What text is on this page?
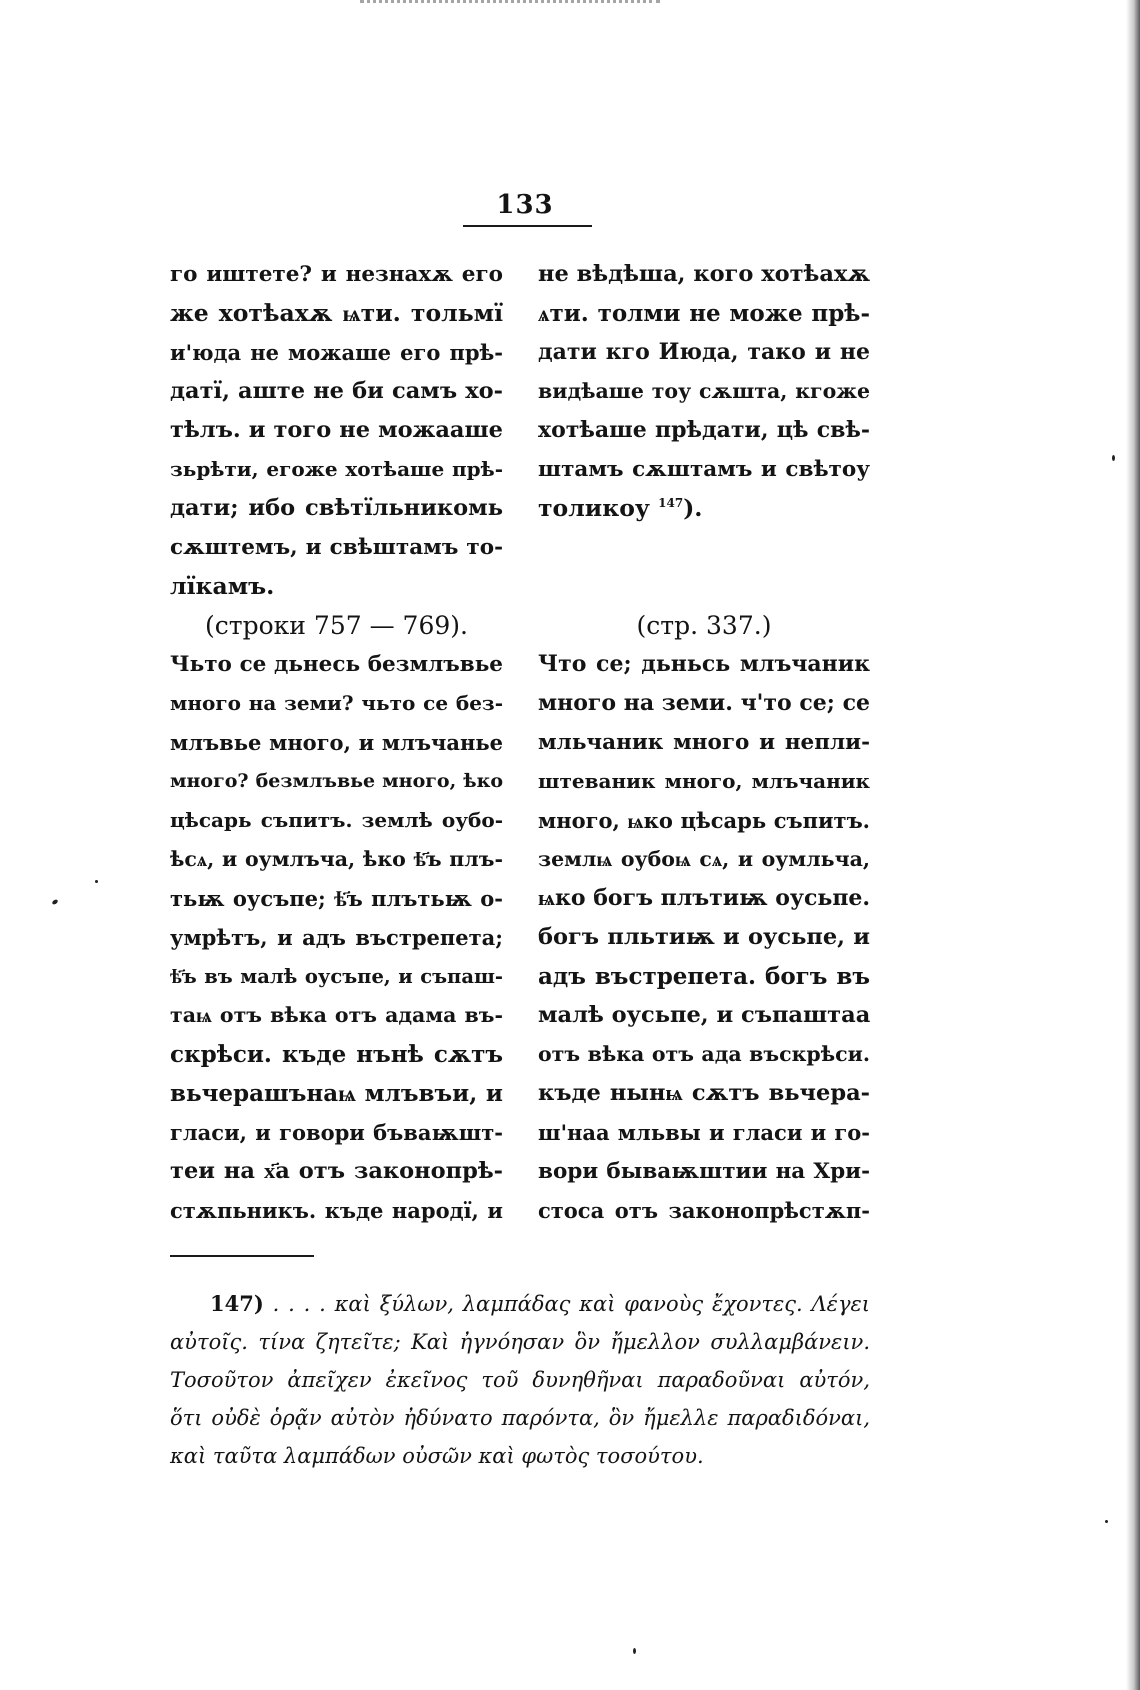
133
го иштете? и незнахѫ его
же хотѣахѫ ѩти. тольмї
и'юда не можаше его прѣ-
датї, аште не би самъ хо-
тѣлъ. и того не можааше
зьрѣти, егоже хотѣаше прѣ-
дати; ибо свѣтїльникомь
сѫштемъ, и свѣштамъ то-
лїкамъ.
(строки 757 — 769).
Чьто се дьнесь безмлъвье
много на земи? чьто се без-
млъвье много, и млъчанье
много? безмлъвье много, ѣко
цѣсарь съпитъ. землѣ оубо-
ѣсѧ, и оумлъча, ѣко ѣ҃ъ плъ-
тьѭ оусъпе; ѣ҃ъ плътьѭ о-
умрѣтъ, и адъ въстрепета;
ѣ҃ъ въ малѣ оусъпе, и съпаш-
таѩ отъ вѣка отъ адама въ-
скрѣси. къде нънѣ сѫтъ
вьчерашънаѩ млъвъи, и
гласи, и говори бъваѭшт-
теи на х҃а отъ законопрѣ-
стѫпьникъ. къде народї, и
не вѣдѣша, кого хотѣахѫ
ѧти. толми не може прѣ-
дати кго Июда, тако и не
видѣаше тоу сѫшта, кгоже
хотѣаше прѣдати, цѣ свѣ-
штамъ сѫштамъ и свѣтоу
толикоу $^{147}$).
(стр. 337.)
Что се; дьньсь млъчаник
много на земи. ч'то се; се
мльчаник много и непли-
штеваник много, млъчаник
много, ѩко цѣсарь съпитъ.
землѩ оубоѩ сѧ, и оумльча,
ѩко богъ плътиѭ оусьпе.
богъ пльтиѭ и оусьпе, и
адъ въстрепета. богъ въ
малѣ оусьпе, и съпаштаа
отъ вѣка отъ ада въскрѣси.
къде нынѩ сѫтъ вьчера-
ш'наа мльвы и гласи и го-
вори бываѭштии на Хри-
стоса отъ законопрѣстѫп-
147) . . . . καὶ ξύλων, λαμπάδας καὶ φανοὺς ἔχοντες. Λέγει
αὐτοῖς. τίνα ζητεῖτε; Καὶ ἠγνόησαν ὃν ἤμελλον συλλαμβάνειν.
Τοσοῦτον ἀπεῖχεν ἐκεῖνος τοῦ δυνηθῆναι παραδοῦναι αὐτόν,
ὅτι οὐδὲ ὁρᾷν αὐτὸν ἠδύνατο παρόντα, ὃν ἤμελλε παραδιδόναι,
καὶ ταῦτα λαμπάδων οὐσῶν καὶ φωτὸς τοσούτου.
